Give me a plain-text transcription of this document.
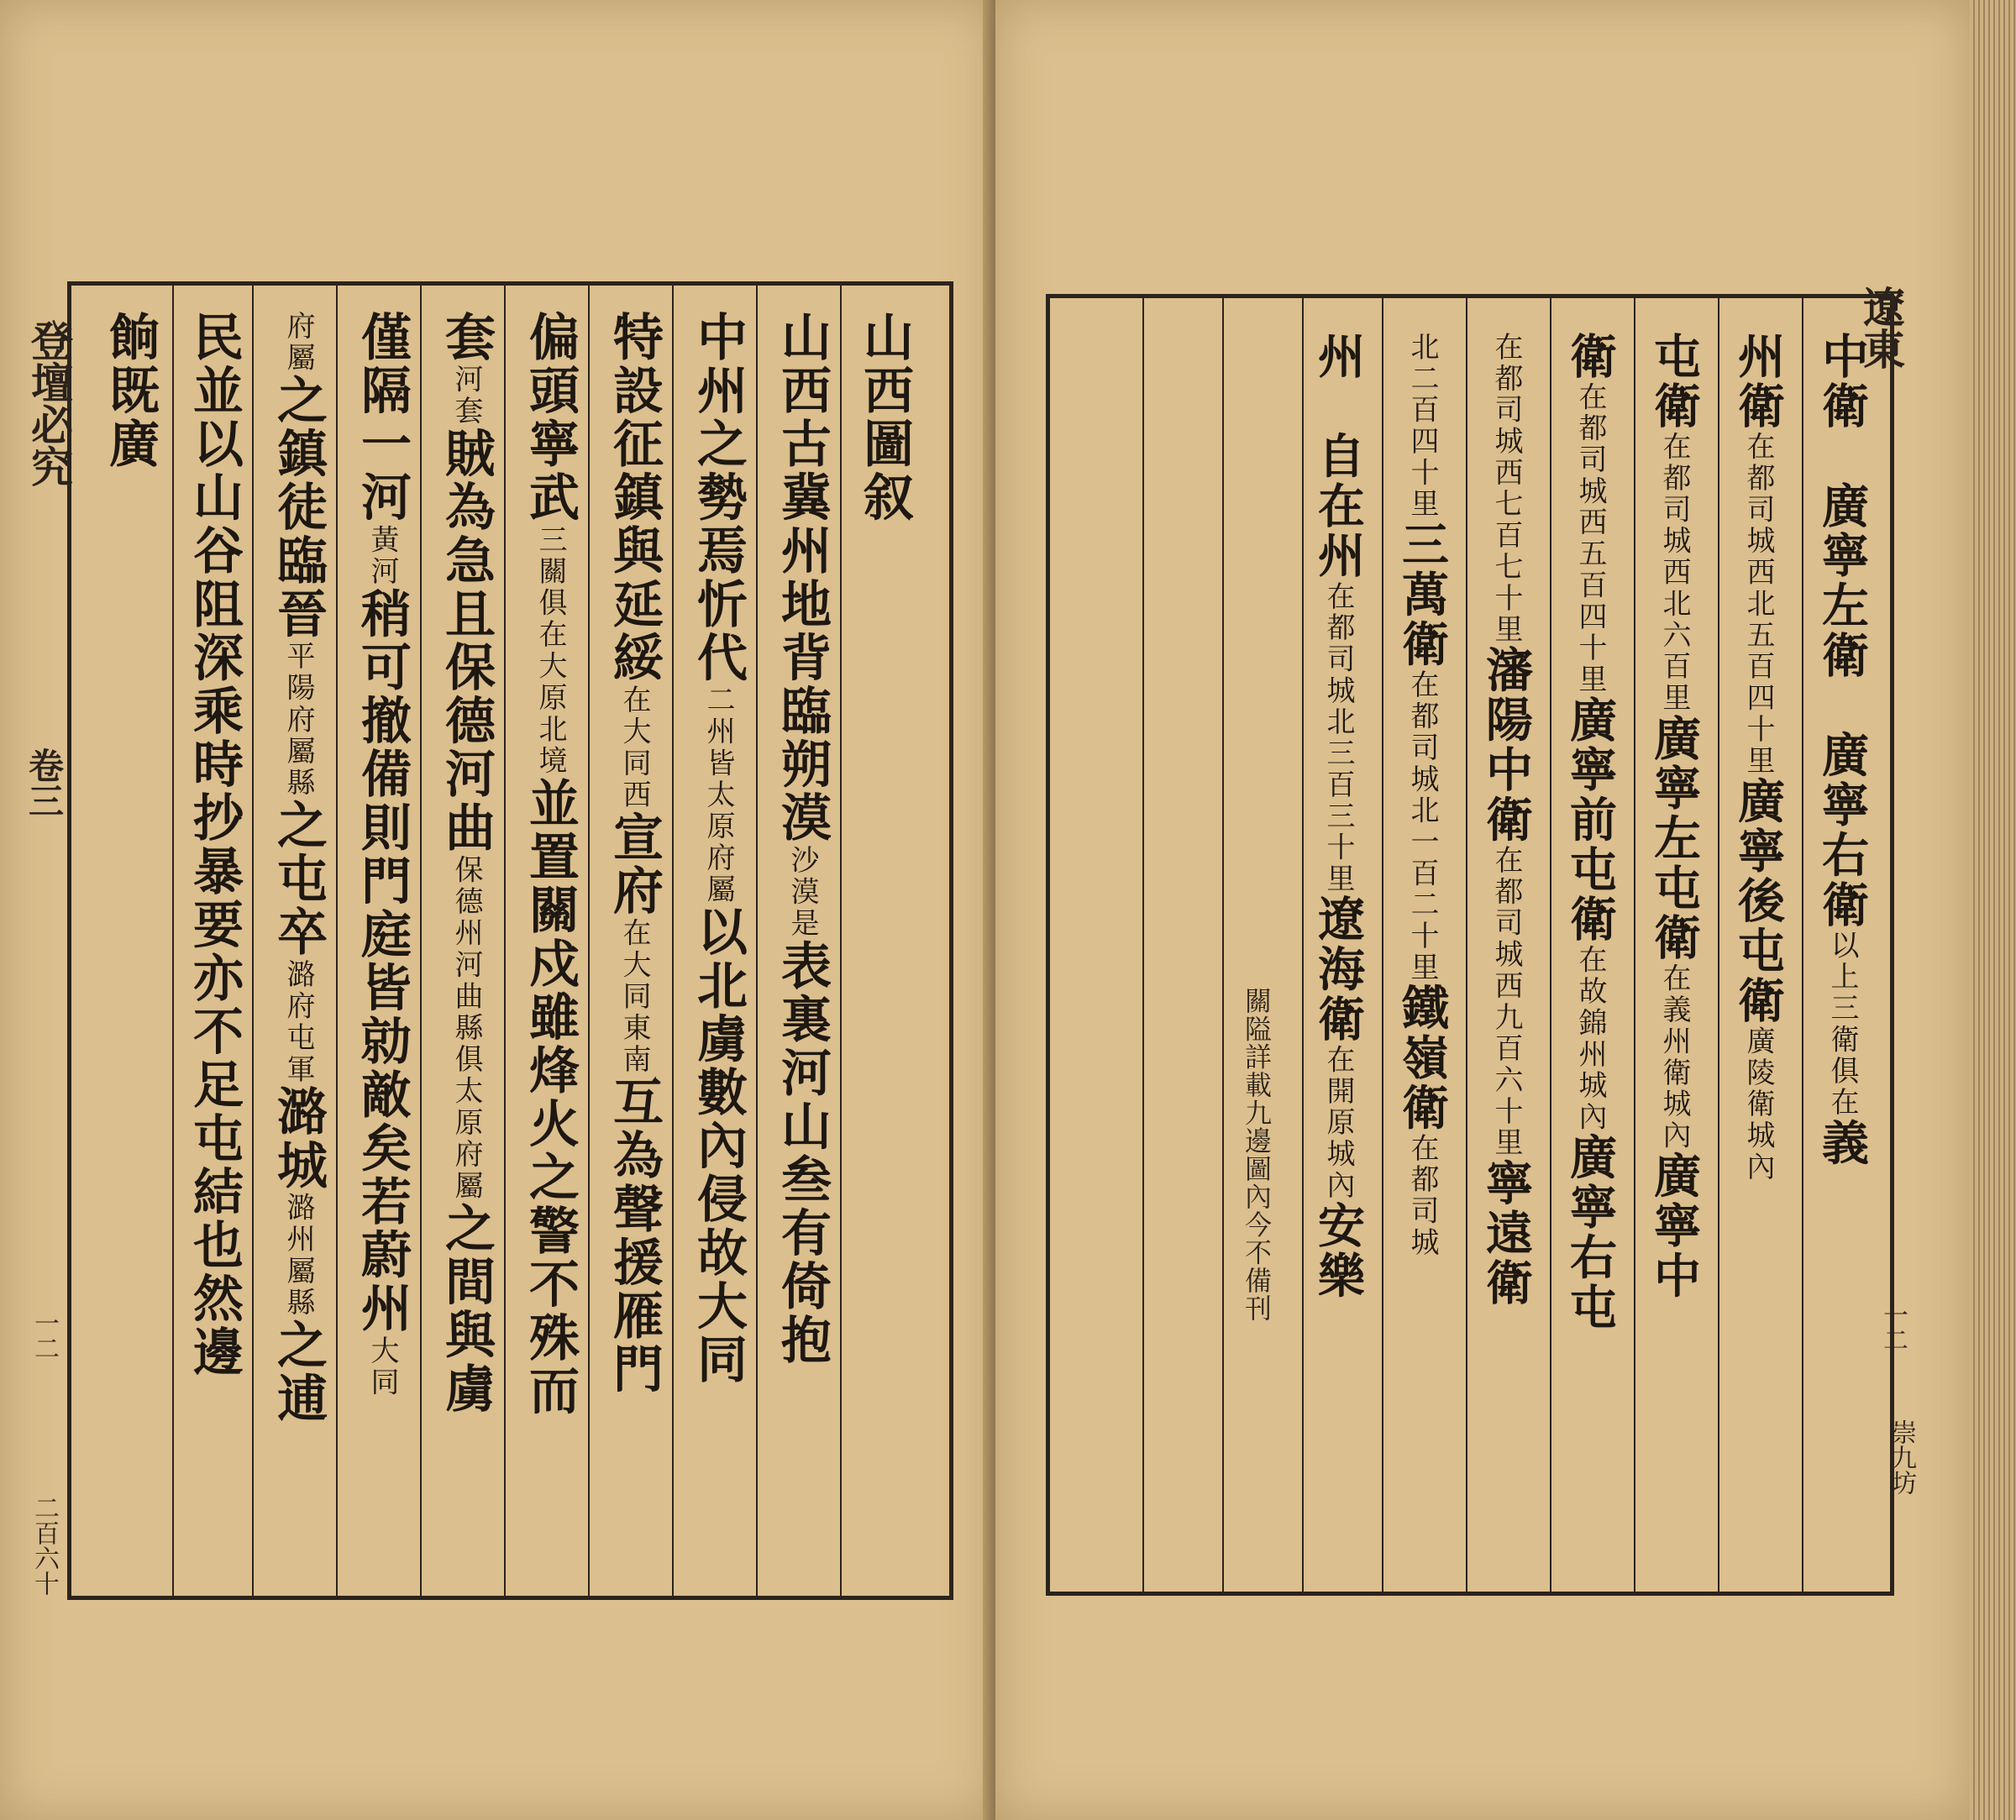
登壇必究
卷三
一二
二百六十
山西圖叙
山西古冀州地背臨朔漠沙漠是表裏河山叁有倚抱
中州之勢焉忻代二州皆太原府屬以北虜數內侵故大同
特設征鎮與延綏在大同西宣府在大同東南互為聲援雁門
偏頭寧武三關俱在大原北境並置關戍雖烽火之警不殊而
套河套賊為急且保德河曲保德州河曲縣俱太原府屬之間與虜
僅隔一河黃河稍可撤備則門庭皆勍敵矣若蔚州大同
府屬之鎮徒臨晉平陽府屬縣之屯卒潞府屯軍潞城潞州屬縣之逋
民並以山谷阻深乘時抄暴要亦不足屯結也然邊
餉既廣	遼東
一二
崇九坊
中衛　廣寧左衛　廣寧右衛以上三衛俱在義
州衛在都司城西北五百四十里廣寧後屯衛廣陵衛城內
屯衛在都司城西北六百里廣寧左屯衛在義州衛城內廣寧中
衛在都司城西五百四十里廣寧前屯衛在故錦州城內廣寧右屯
在都司城西七百七十里瀋陽中衛在都司城西九百六十里寧遠衛
北二百四十里三萬衛在都司城北一百二十里鐵嶺衛在都司城
州　自在州在都司城北三百三十里遼海衛在開原城內安樂
關隘詳載九邊圖內今不備刊
